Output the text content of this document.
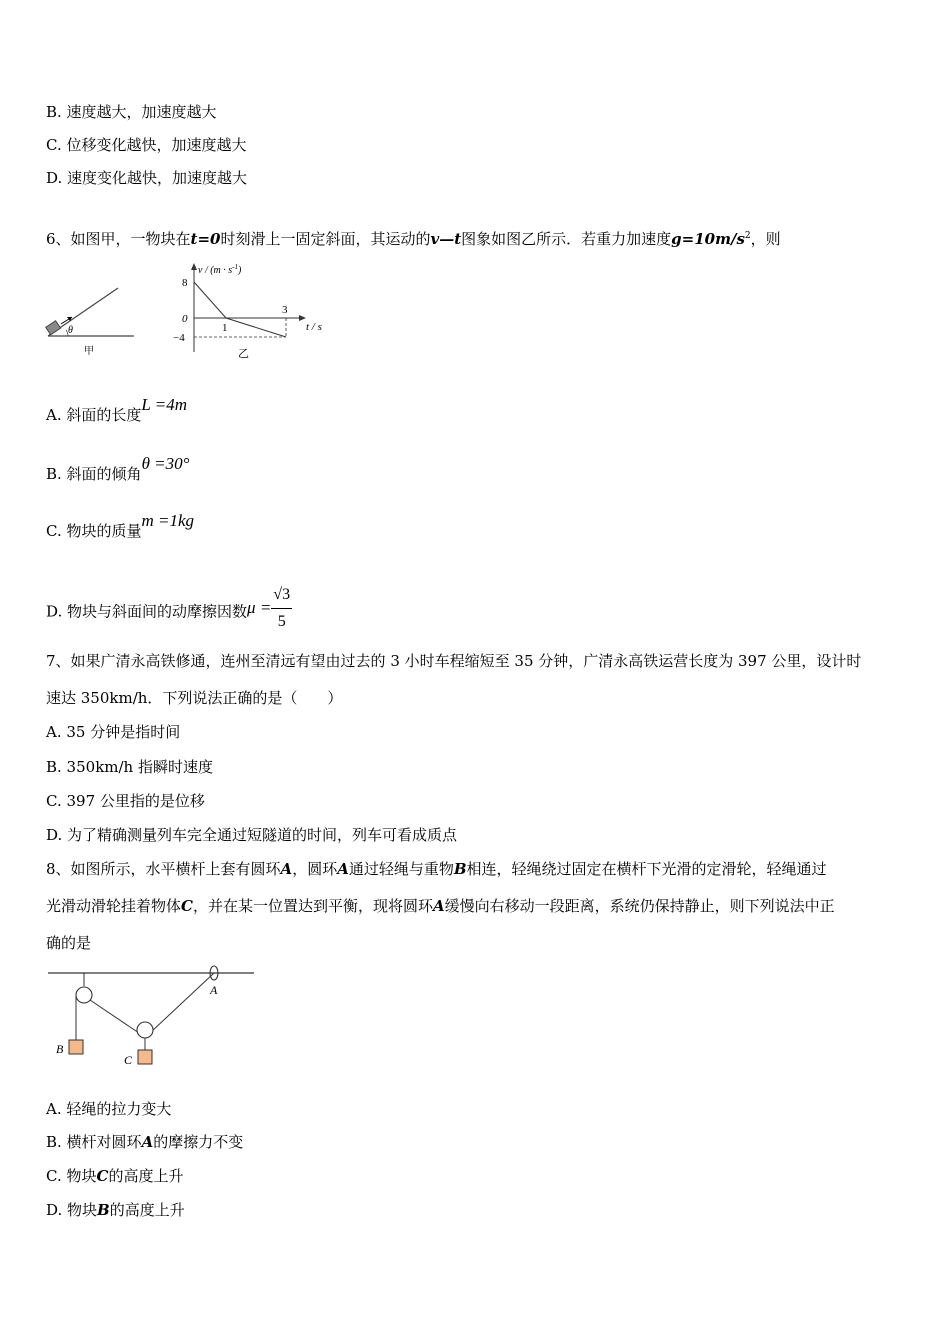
B. 速度越大，加速度越大
C. 位移变化越快，加速度越大
D. 速度变化越快，加速度越大
6、如图甲，一物块在t=0时刻滑上一固定斜面，其运动的v—t图象如图乙所示．若重力加速度$g=10m/s^2$，则
θ
甲
$v / (m \cdot s^{-1})$
8
0
−4
1
3
t / s
乙
A. 斜面的长度L =4m
B. 斜面的倾角θ =30°
C. 物块的质量m =1kg
D. 物块与斜面间的动摩擦因数$\mu = \frac{√3}{5}$
7、如果广清永高铁修通，连州至清远有望由过去的 3 小时车程缩短至 35 分钟，广清永高铁运营长度为 397 公里，设计时
速达 350km/h．下列说法正确的是（　　）
A. 35 分钟是指时间
B. 350km/h 指瞬时速度
C. 397 公里指的是位移
D. 为了精确测量列车完全通过短隧道的时间，列车可看成质点
8、如图所示，水平横杆上套有圆环A，圆环A通过轻绳与重物B相连，轻绳绕过固定在横杆下光滑的定滑轮，轻绳通过
光滑动滑轮挂着物体C，并在某一位置达到平衡，现将圆环A缓慢向右移动一段距离，系统仍保持静止，则下列说法中正
确的是
B
C
A
A. 轻绳的拉力变大
B. 横杆对圆环A的摩擦力不变
C. 物块C的高度上升
D. 物块B的高度上升
